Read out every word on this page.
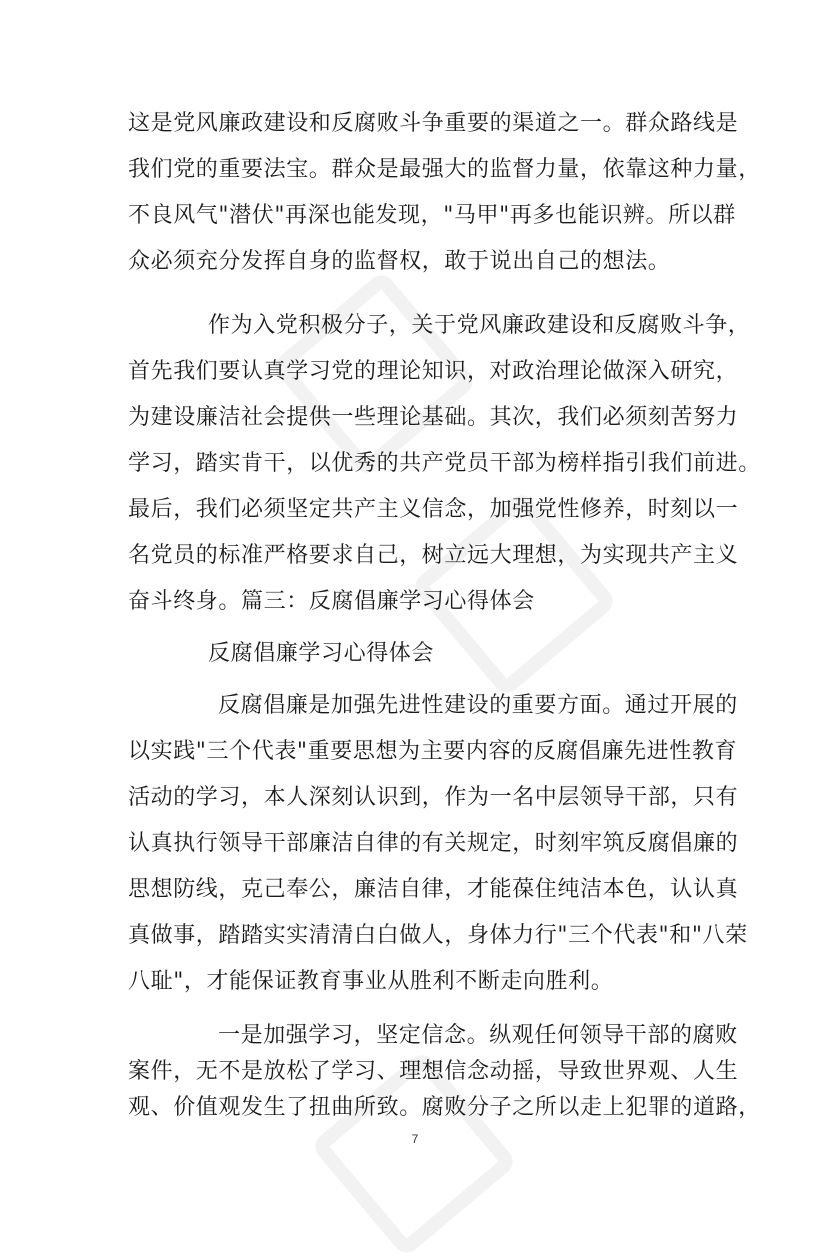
这是党风廉政建设和反腐败斗争重要的渠道之一。群众路线是
我们党的重要法宝。群众是最强大的监督力量，依靠这种力量，
不良风气"潜伏"再深也能发现，"马甲"再多也能识辨。所以群
众必须充分发挥自身的监督权，敢于说出自己的想法。
作为入党积极分子，关于党风廉政建设和反腐败斗争，
首先我们要认真学习党的理论知识，对政治理论做深入研究，
为建设廉洁社会提供一些理论基础。其次，我们必须刻苦努力
学习，踏实肯干，以优秀的共产党员干部为榜样指引我们前进。
最后，我们必须坚定共产主义信念，加强党性修养，时刻以一
名党员的标准严格要求自己，树立远大理想，为实现共产主义
奋斗终身。篇三：反腐倡廉学习心得体会
反腐倡廉学习心得体会
反腐倡廉是加强先进性建设的重要方面。通过开展的
以实践"三个代表"重要思想为主要内容的反腐倡廉先进性教育
活动的学习，本人深刻认识到，作为一名中层领导干部，只有
认真执行领导干部廉洁自律的有关规定，时刻牢筑反腐倡廉的
思想防线，克己奉公，廉洁自律，才能葆住纯洁本色，认认真
真做事，踏踏实实清清白白做人，身体力行"三个代表"和"八荣
八耻"，才能保证教育事业从胜利不断走向胜利。
一是加强学习，坚定信念。纵观任何领导干部的腐败
案件，无不是放松了学习、理想信念动摇，导致世界观、人生
观、价值观发生了扭曲所致。腐败分子之所以走上犯罪的道路，
7
